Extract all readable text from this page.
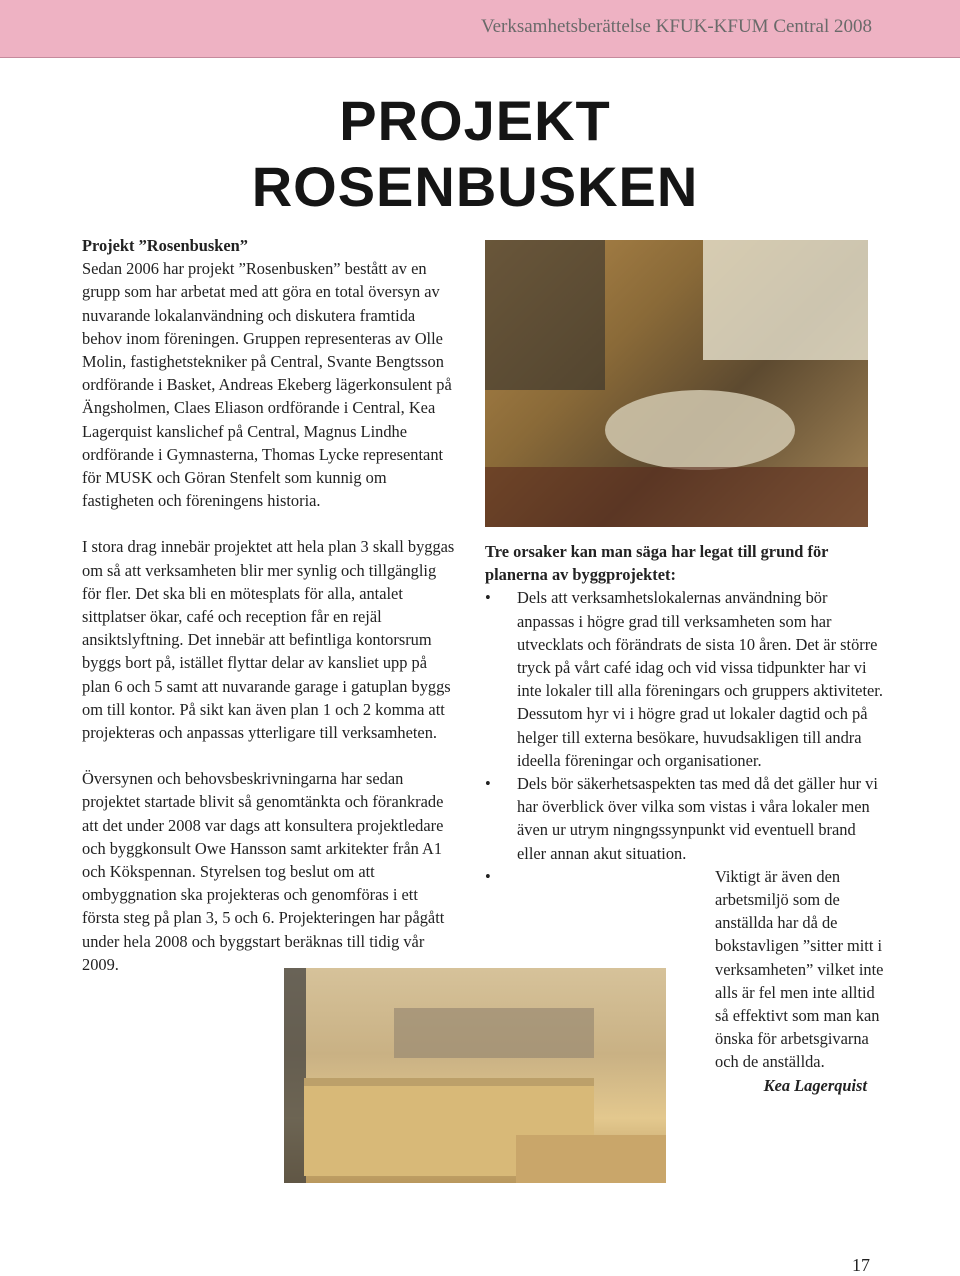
Verksamhetsberättelse KFUK-KFUM Central 2008
PROJEKT
ROSENBUSKEN

Projekt ”Rosenbusken”

Sedan 2006 har projekt ”Rosenbusken” bestått av en grupp som har arbetat med att göra en total översyn av nuvarande lokalanvändning och diskutera framtida behov inom föreningen. Gruppen representeras av Olle Molin, fastighetstekniker på Central, Svante Bengtsson ordförande i Basket, Andreas Ekeberg lägerkonsulent på Ängsholmen, Claes Eliason ordförande i Central, Kea Lagerquist kanslichef på Central, Magnus Lindhe ordförande i Gymnasterna, Thomas Lycke representant för MUSK och Göran Stenfelt som kunnig om fastigheten och föreningens historia.

I stora drag innebär projektet att hela plan 3 skall byggas om så att verksamheten blir mer synlig och tillgänglig för fler. Det ska bli en mötesplats för alla, antalet sittplatser ökar, café och reception får en rejäl ansiktslyftning. Det innebär att befintliga kontorsrum byggs bort på, istället flyttar delar av kansliet upp på plan 6 och 5 samt att nuvarande garage i gatuplan byggs om till kontor. På sikt kan även plan 1 och 2 komma att projekteras och anpassas ytterligare till verksamheten.

Översynen och behovsbeskrivningarna har sedan projektet startade blivit så genomtänkta och förankrade att det under 2008 var dags att konsultera projektledare och byggkonsult Owe Hansson samt arkitekter från A1 och Kökspennan. Styrelsen tog beslut om att ombyggnation ska projekteras och genomföras i ett första steg på plan 3, 5 och 6. Projekteringen har pågått under hela 2008 och byggstart beräknas till tidig vår 2009.

Tre orsaker kan man säga har legat till grund för planerna av byggprojektet:

• Dels att verksamhetslokalernas användning bör anpassas i högre grad till verksamheten som har utvecklats och förändrats de sista 10 åren. Det är större tryck på vårt café idag och vid vissa tidpunkter har vi inte lokaler till alla föreningars och gruppers aktiviteter. Dessutom hyr vi i högre grad ut lokaler dagtid och på helger till externa besökare, huvudsakligen till andra ideella föreningar och organisationer.
• Dels bör säkerhetsaspekten tas med då det gäller hur vi har överblick över vilka som vistas i våra lokaler men även ur utrym ningngssynpunkt vid eventuell brand eller annan akut situation.
• Viktigt är även den arbetsmiljö som de anställda har då de bokstavligen ”sitter mitt i verksamheten” vilket inte alls är fel men inte alltid så effektivt som man kan önska för arbetsgivarna och de anställda.

Kea Lagerquist

17
